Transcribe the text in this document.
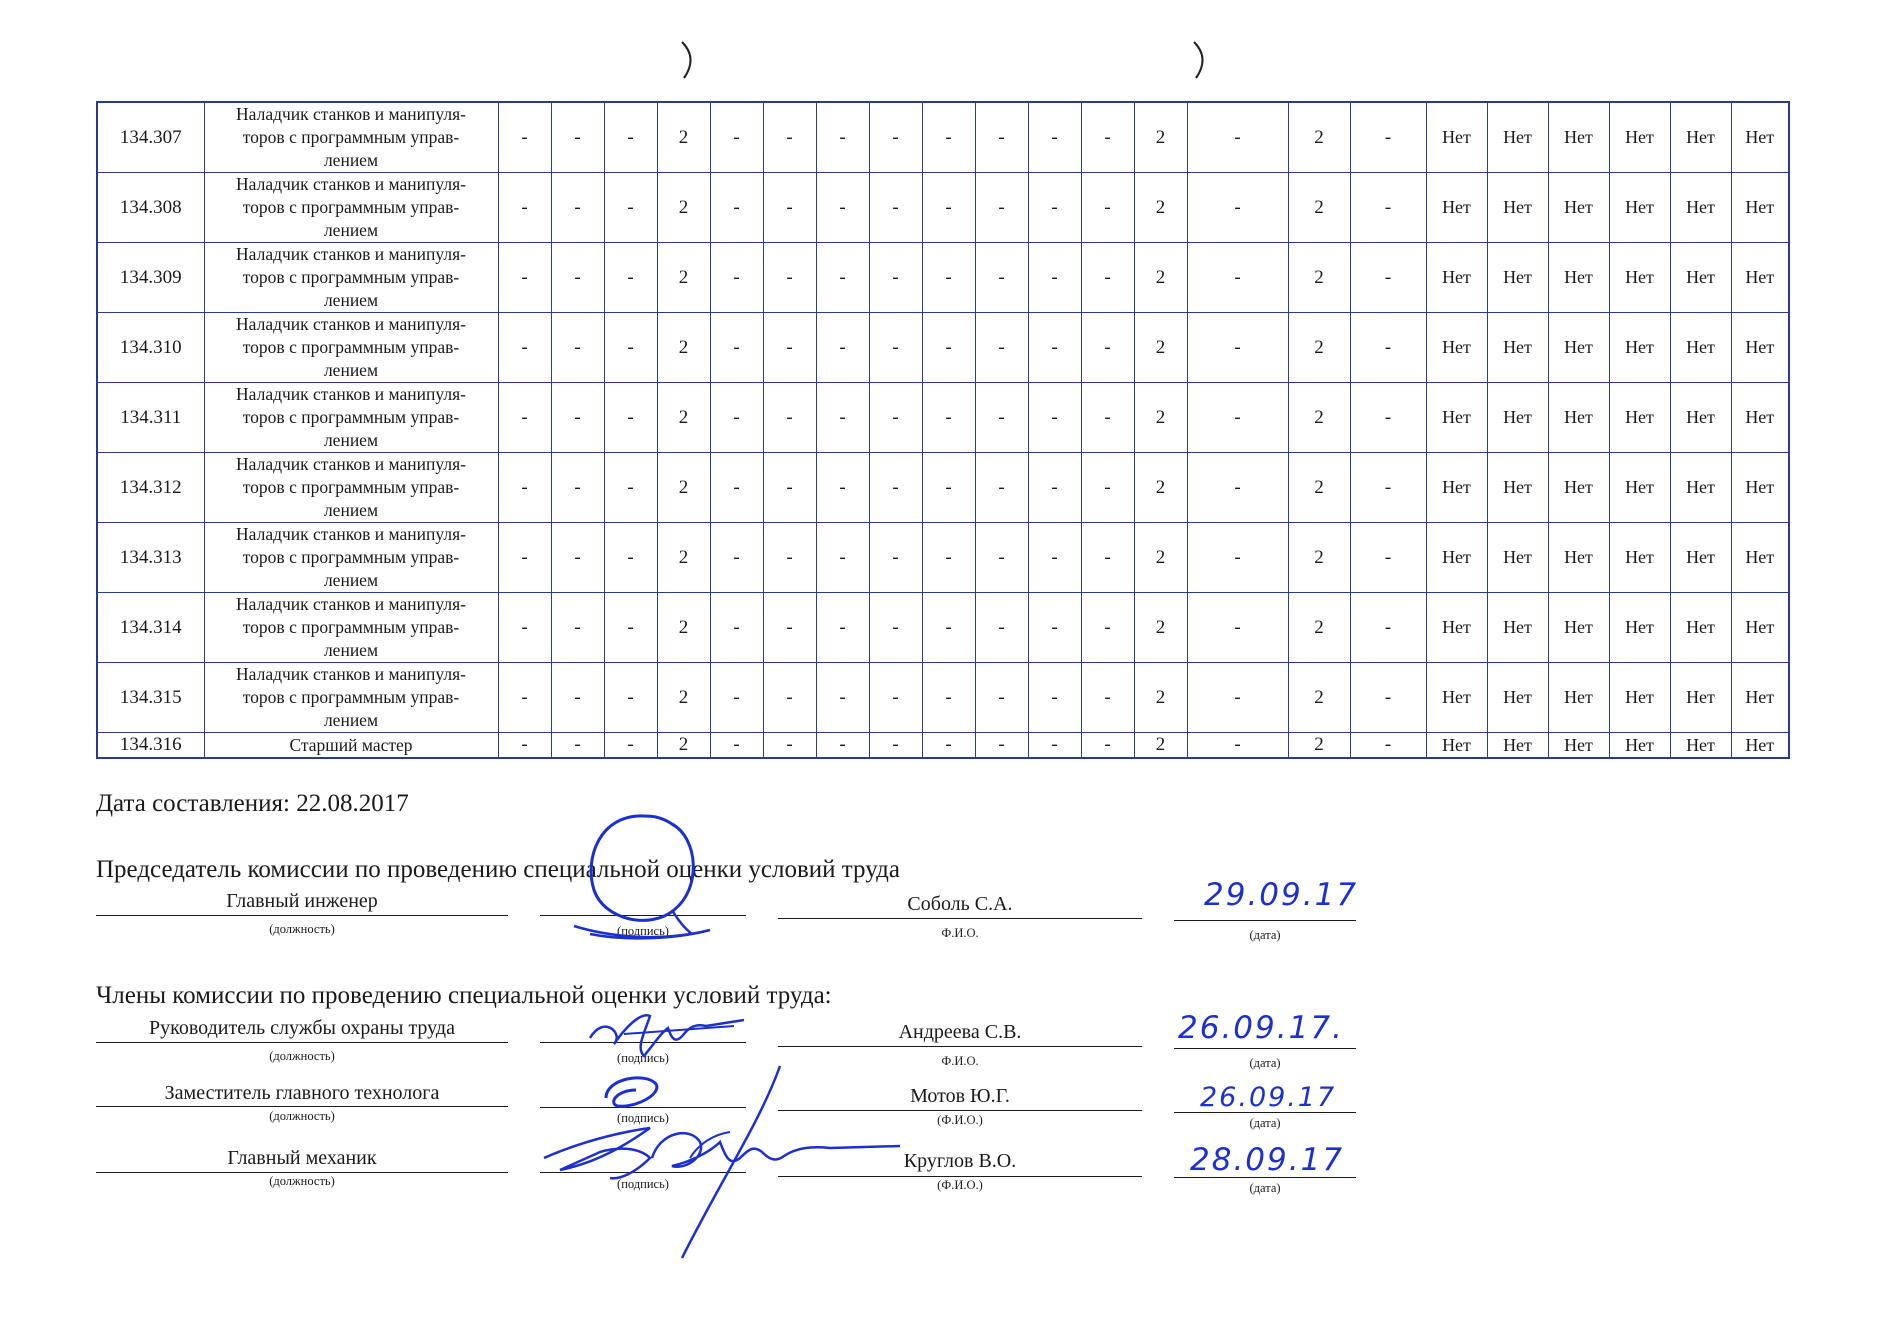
134.307	Наладчик станков и манипуля-
торов с программным управ-
лением	-	-	-	2	-	-	-	-	-	-	-	-	2	-	2	-	Нет	Нет	Нет	Нет	Нет	Нет
134.308	Наладчик станков и манипуля-
торов с программным управ-
лением	-	-	-	2	-	-	-	-	-	-	-	-	2	-	2	-	Нет	Нет	Нет	Нет	Нет	Нет
134.309	Наладчик станков и манипуля-
торов с программным управ-
лением	-	-	-	2	-	-	-	-	-	-	-	-	2	-	2	-	Нет	Нет	Нет	Нет	Нет	Нет
134.310	Наладчик станков и манипуля-
торов с программным управ-
лением	-	-	-	2	-	-	-	-	-	-	-	-	2	-	2	-	Нет	Нет	Нет	Нет	Нет	Нет
134.311	Наладчик станков и манипуля-
торов с программным управ-
лением	-	-	-	2	-	-	-	-	-	-	-	-	2	-	2	-	Нет	Нет	Нет	Нет	Нет	Нет
134.312	Наладчик станков и манипуля-
торов с программным управ-
лением	-	-	-	2	-	-	-	-	-	-	-	-	2	-	2	-	Нет	Нет	Нет	Нет	Нет	Нет
134.313	Наладчик станков и манипуля-
торов с программным управ-
лением	-	-	-	2	-	-	-	-	-	-	-	-	2	-	2	-	Нет	Нет	Нет	Нет	Нет	Нет
134.314	Наладчик станков и манипуля-
торов с программным управ-
лением	-	-	-	2	-	-	-	-	-	-	-	-	2	-	2	-	Нет	Нет	Нет	Нет	Нет	Нет
134.315	Наладчик станков и манипуля-
торов с программным управ-
лением	-	-	-	2	-	-	-	-	-	-	-	-	2	-	2	-	Нет	Нет	Нет	Нет	Нет	Нет
134.316	Старший мастер	-	-	-	2	-	-	-	-	-	-	-	-	2	-	2	-	Нет	Нет	Нет	Нет	Нет	Нет
Дата составления: 22.08.2017
Председатель комиссии по проведению специальной оценки условий труда
Главный инженер
(должность)	(подпись)
Соболь С.А.
Ф.И.О.
29.09.17
(дата)
Члены комиссии по проведению специальной оценки условий труда:
Руководитель службы охраны труда
(должность)	(подпись)
Андреева С.В.
Ф.И.О.
26.09.17.
(дата)
Заместитель главного технолога
(должность)	(подпись)
Мотов Ю.Г.
(Ф.И.О.)
26.09.17
(дата)
Главный механик
(должность)	(подпись)
Круглов В.О.
(Ф.И.О.)
28.09.17
(дата)
